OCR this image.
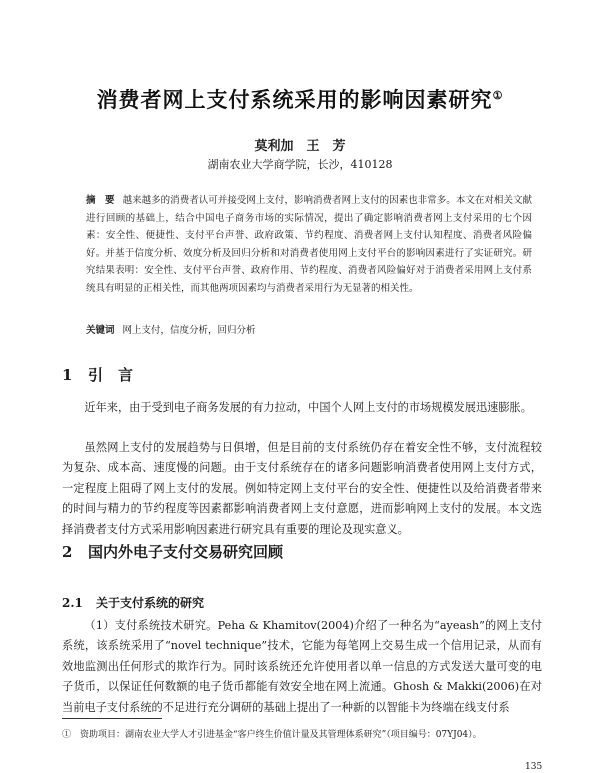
消费者网上支付系统采用的影响因素研究①
莫利加　王　芳
湖南农业大学商学院，长沙，410128
摘　要 越来越多的消费者认可并接受网上支付，影响消费者网上支付的因素也非常多。本文在对相关文献进行回顾的基础上，结合中国电子商务市场的实际情况，提出了确定影响消费者网上支付采用的七个因素：安全性、便捷性、支付平台声誉、政府政策、节约程度、消费者网上支付认知程度、消费者风险偏好。并基于信度分析、效度分析及回归分析和对消费者使用网上支付平台的影响因素进行了实证研究。研究结果表明：安全性、支付平台声誉、政府作用、节约程度、消费者风险偏好对于消费者采用网上支付系统具有明显的正相关性，而其他两项因素均与消费者采用行为无显著的相关性。
关键词 网上支付，信度分析，回归分析
1 引　言
近年来，由于受到电子商务发展的有力拉动，中国个人网上支付的市场规模发展迅速膨胀。
虽然网上支付的发展趋势与日俱增，但是目前的支付系统仍存在着安全性不够，支付流程较为复杂、成本高、速度慢的问题。由于支付系统存在的诸多问题影响消费者使用网上支付方式，一定程度上阻碍了网上支付的发展。例如特定网上支付平台的安全性、便捷性以及给消费者带来的时间与精力的节约程度等因素都影响消费者网上支付意愿，进而影响网上支付的发展。本文选择消费者支付方式采用影响因素进行研究具有重要的理论及现实意义。
2 国内外电子支付交易研究回顾
2.1 关于支付系统的研究
（1）支付系统技术研究。Peha & Khamitov(2004)介绍了一种名为“ayeash”的网上支付系统，该系统采用了“novel technique”技术，它能为每笔网上交易生成一个信用记录，从而有效地监测出任何形式的欺诈行为。同时该系统还允许使用者以单一信息的方式发送大量可变的电子货币，以保证任何数额的电子货币都能有效安全地在网上流通。Ghosh & Makki(2006)在对当前电子支付系统的不足进行充分调研的基础上提出了一种新的以智能卡为终端在线支付系
①　资助项目：湖南农业大学人才引进基金“客户终生价值计量及其管理体系研究”（项目编号：07YJ04）。
135
